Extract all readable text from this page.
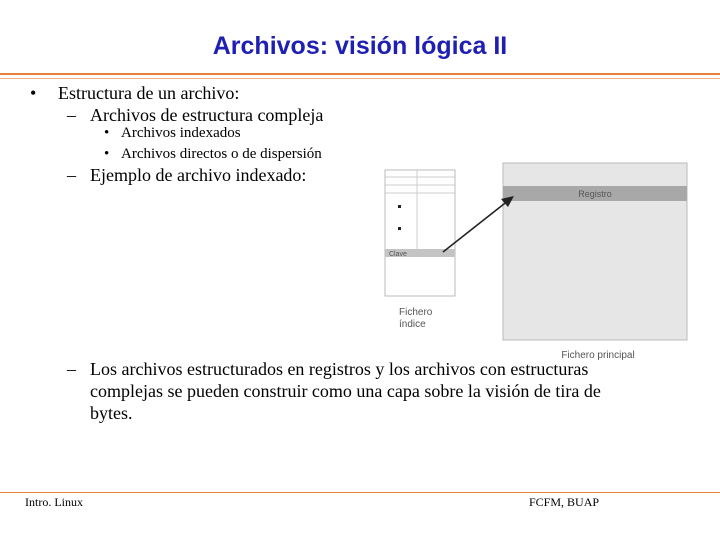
Archivos: visión lógica II
• Estructura de un archivo:
– Archivos de estructura compleja
• Archivos indexados
• Archivos directos o de dispersión
– Ejemplo de archivo indexado:
Registro
Fichero principal
Clave
Fichero
índice
– Los archivos estructurados en registros y los archivos con estructuras
complejas se pueden construir como una capa sobre la visión de tira de
bytes.
Intro. Linux	FCFM, BUAP
